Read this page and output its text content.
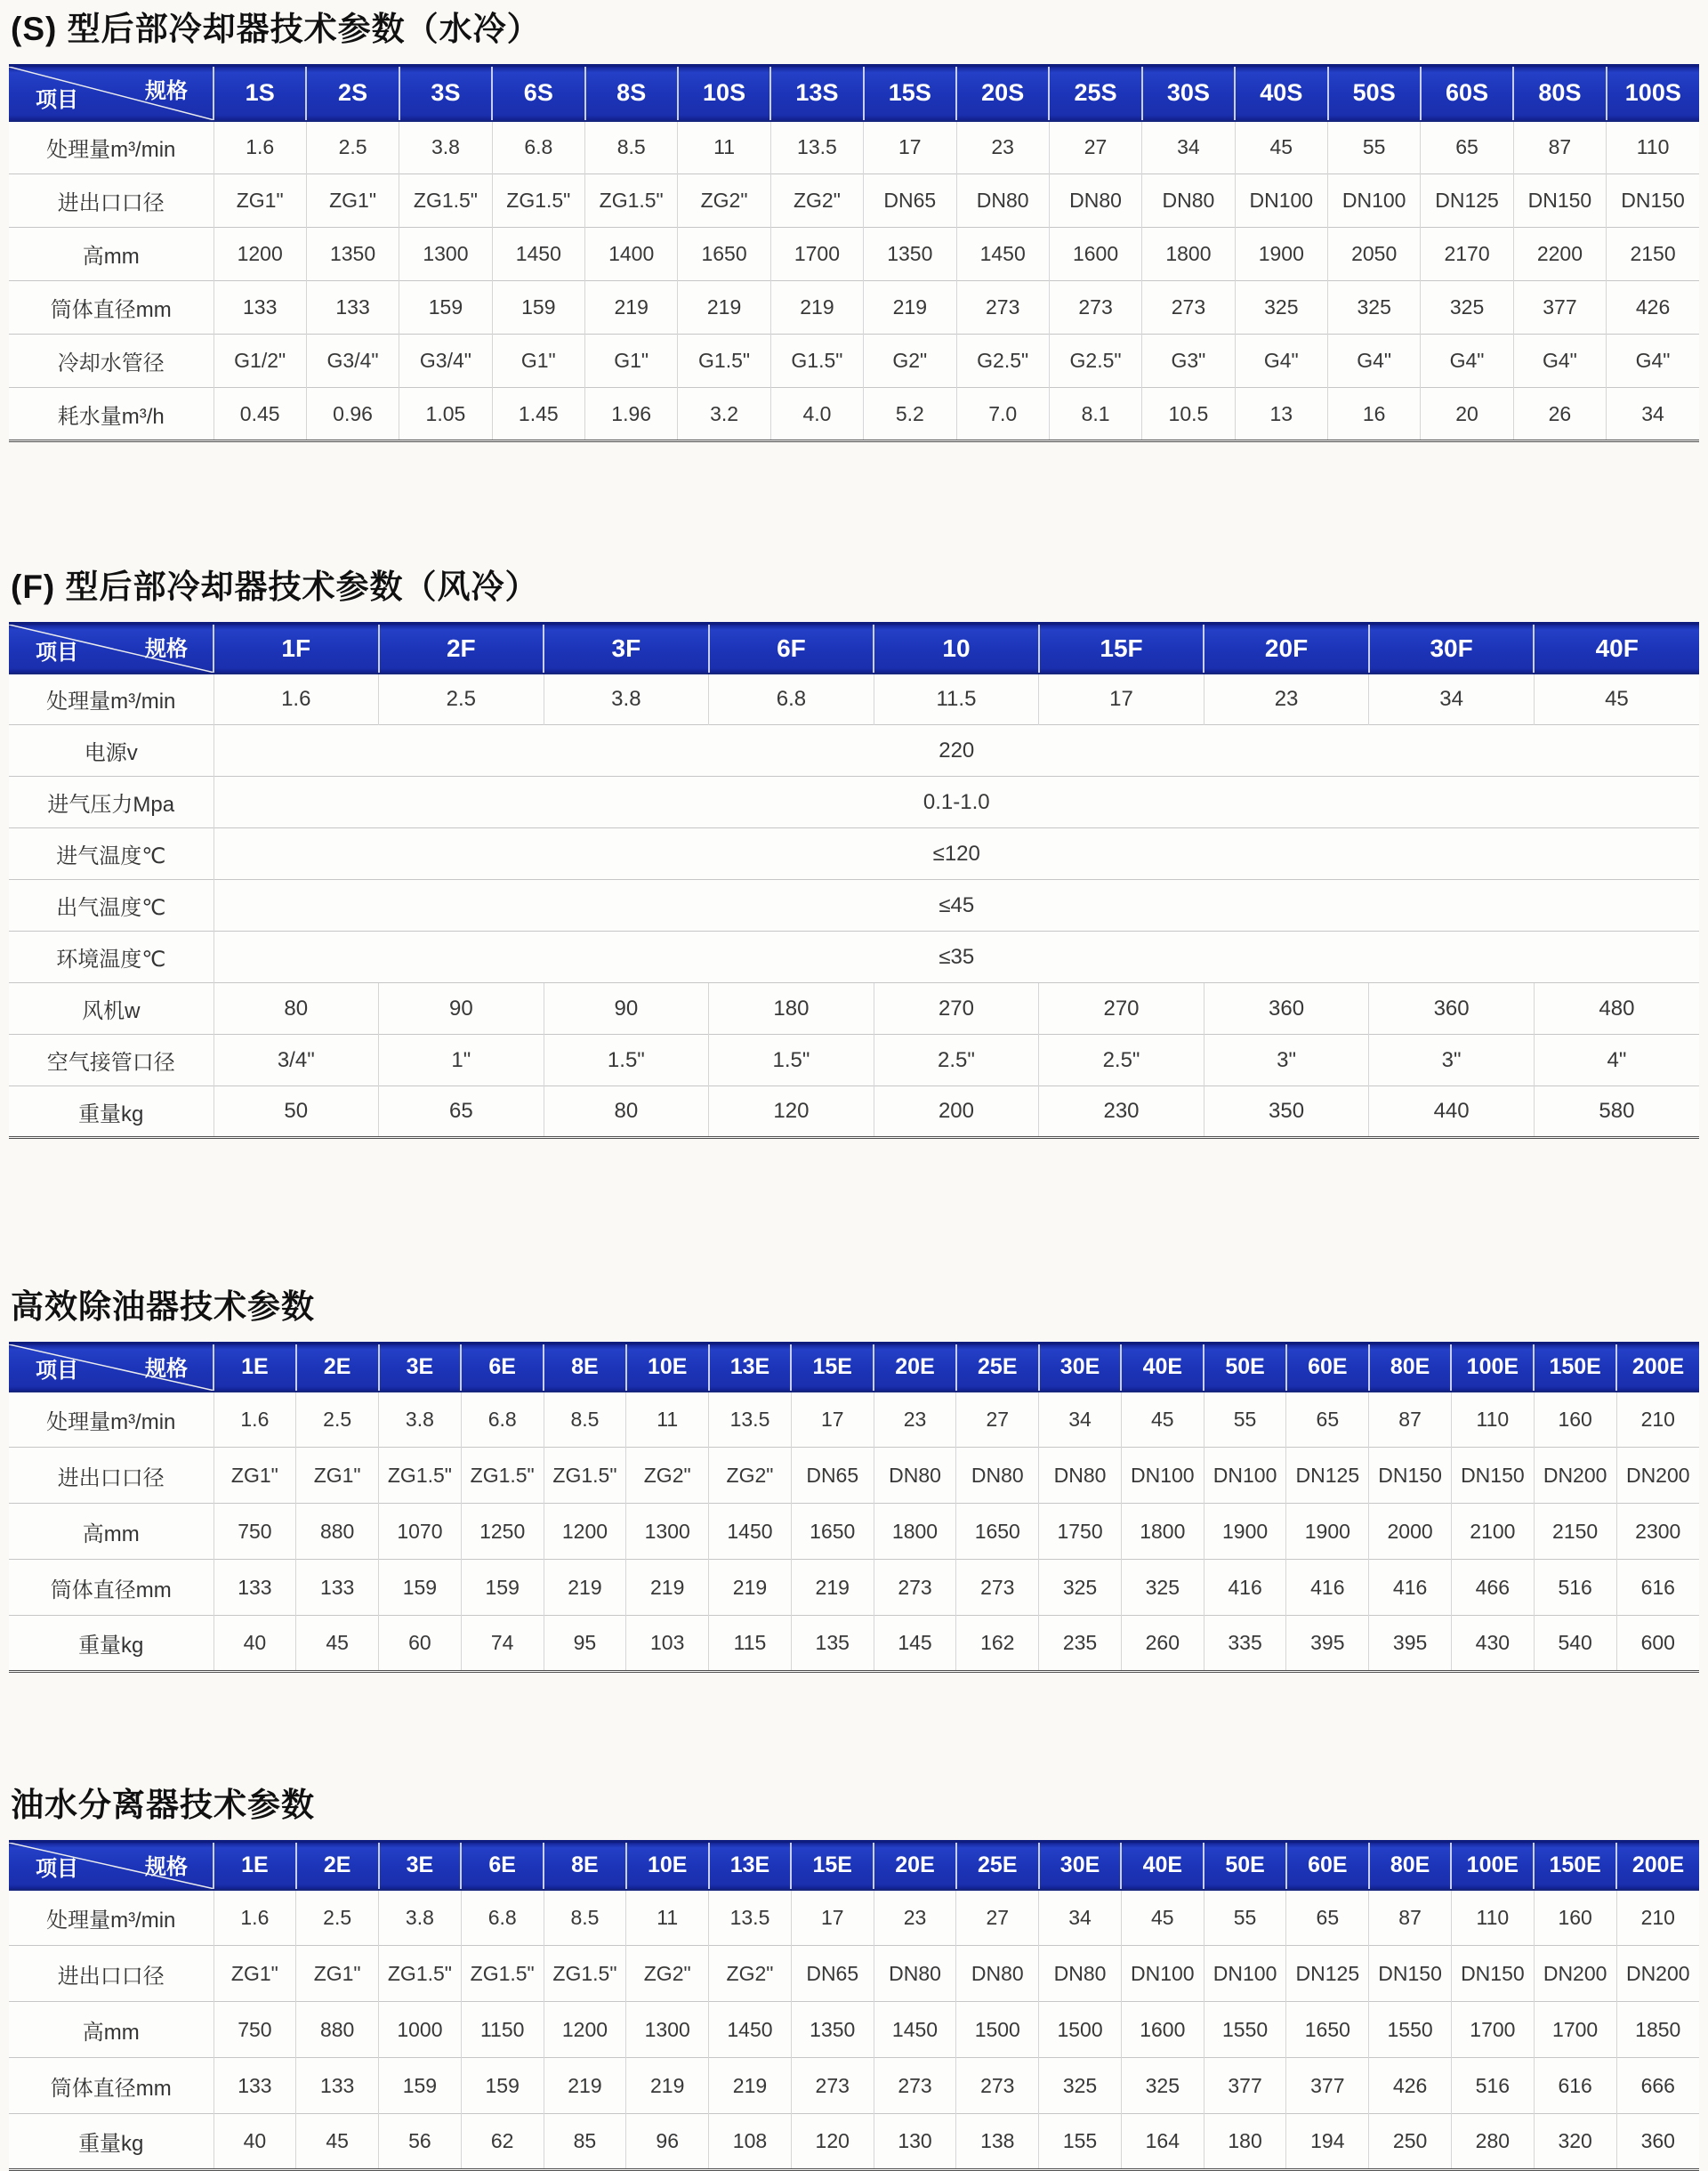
(S) 型后部冷却器技术参数（水冷）
规格
项目	1S	2S	3S	6S	8S	10S	13S	15S	20S	25S	30S	40S	50S	60S	80S	100S
处理量m³/min	1.6	2.5	3.8	6.8	8.5	11	13.5	17	23	27	34	45	55	65	87	110
进出口口径	ZG1"	ZG1"	ZG1.5"	ZG1.5"	ZG1.5"	ZG2"	ZG2"	DN65	DN80	DN80	DN80	DN100	DN100	DN125	DN150	DN150
高mm	1200	1350	1300	1450	1400	1650	1700	1350	1450	1600	1800	1900	2050	2170	2200	2150
筒体直径mm	133	133	159	159	219	219	219	219	273	273	273	325	325	325	377	426
冷却水管径	G1/2"	G3/4"	G3/4"	G1"	G1"	G1.5"	G1.5"	G2"	G2.5"	G2.5"	G3"	G4"	G4"	G4"	G4"	G4"
耗水量m³/h	0.45	0.96	1.05	1.45	1.96	3.2	4.0	5.2	7.0	8.1	10.5	13	16	20	26	34
(F) 型后部冷却器技术参数（风冷）
规格
项目	1F	2F	3F	6F	10	15F	20F	30F	40F
处理量m³/min	1.6	2.5	3.8	6.8	11.5	17	23	34	45
电源v	220								
进气压力Mpa	0.1-1.0								
进气温度℃	≤120								
出气温度℃	≤45								
环境温度℃	≤35								
风机w	80	90	90	180	270	270	360	360	480
空气接管口径	3/4"	1"	1.5"	1.5"	2.5"	2.5"	3"	3"	4"
重量kg	50	65	80	120	200	230	350	440	580
高效除油器技术参数
规格
项目	1E	2E	3E	6E	8E	10E	13E	15E	20E	25E	30E	40E	50E	60E	80E	100E	150E	200E
处理量m³/min	1.6	2.5	3.8	6.8	8.5	11	13.5	17	23	27	34	45	55	65	87	110	160	210
进出口口径	ZG1"	ZG1"	ZG1.5"	ZG1.5"	ZG1.5"	ZG2"	ZG2"	DN65	DN80	DN80	DN80	DN100	DN100	DN125	DN150	DN150	DN200	DN200
高mm	750	880	1070	1250	1200	1300	1450	1650	1800	1650	1750	1800	1900	1900	2000	2100	2150	2300
筒体直径mm	133	133	159	159	219	219	219	219	273	273	325	325	416	416	416	466	516	616
重量kg	40	45	60	74	95	103	115	135	145	162	235	260	335	395	395	430	540	600
油水分离器技术参数
规格
项目	1E	2E	3E	6E	8E	10E	13E	15E	20E	25E	30E	40E	50E	60E	80E	100E	150E	200E
处理量m³/min	1.6	2.5	3.8	6.8	8.5	11	13.5	17	23	27	34	45	55	65	87	110	160	210
进出口口径	ZG1"	ZG1"	ZG1.5"	ZG1.5"	ZG1.5"	ZG2"	ZG2"	DN65	DN80	DN80	DN80	DN100	DN100	DN125	DN150	DN150	DN200	DN200
高mm	750	880	1000	1150	1200	1300	1450	1350	1450	1500	1500	1600	1550	1650	1550	1700	1700	1850
筒体直径mm	133	133	159	159	219	219	219	273	273	273	325	325	377	377	426	516	616	666
重量kg	40	45	56	62	85	96	108	120	130	138	155	164	180	194	250	280	320	360
